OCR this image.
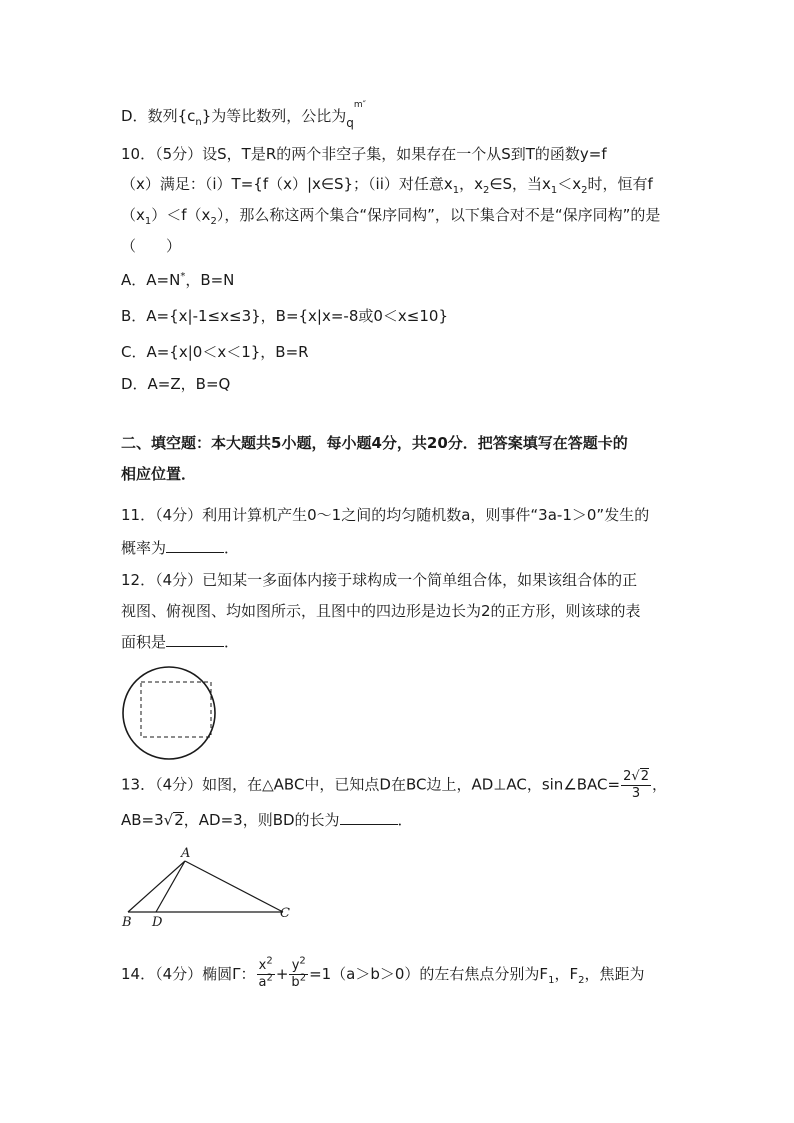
D．数列$\{c_n\}$为等比数列，公比为$_q^{m''}$
10．（5分）设S，T是R的两个非空子集，如果存在一个从S到T的函数y=f
（x）满足：（i）T={f（x）|x∈S}；（ii）对任意$x_1$，$x_2\in S$，当$x_1<x_2$时，恒有f
$(x_1)<f(x_2)$，那么称这两个集合“保序同构”，以下集合对不是“保序同构”的是
（　　）
A．A=N*，B=N
B．A={x|-1≤x≤3}，B={x|x=-8或0＜x≤10}
C．A={x|0＜x＜1}，B=R
D．A=Z，B=Q
二、填空题：本大题共5小题，每小题4分，共20分．把答案填写在答题卡的
相应位置．
11．（4分）利用计算机产生0～1之间的均匀随机数a，则事件“3a-1＞0”发生的
概率为	．
12．（4分）已知某一多面体内接于球构成一个简单组合体，如果该组合体的正
视图、俯视图、均如图所示，且图中的四边形是边长为2的正方形，则该球的表
面积是	．
13．（4分）如图，在△ABC中，已知点D在BC边上，AD⊥AC，sin∠BAC= $\frac{2√2}{3}$ ，
AB=3√2，AD=3，则BD的长为	．
A
B D
C
14．（4分）椭圆Γ： $\frac{x^2}{a^2} + \frac{y^2}{b^2} =1(a>b>0)$的左右焦点分别为$F_1$，$F_2$，焦距为
